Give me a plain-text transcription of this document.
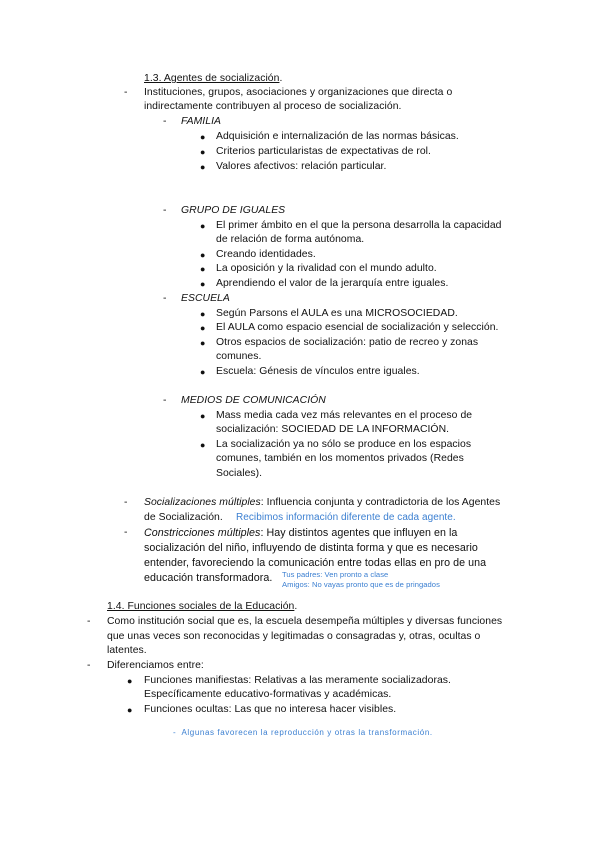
1.3. Agentes de socialización.
- Instituciones, grupos, asociaciones y organizaciones que directa o
indirectamente contribuyen al proceso de socialización.
- FAMILIA
● Adquisición e internalización de las normas básicas.
● Criterios particularistas de expectativas de rol.
● Valores afectivos: relación particular.
- GRUPO DE IGUALES
● El primer ámbito en el que la persona desarrolla la capacidad
de relación de forma autónoma.
● Creando identidades.
● La oposición y la rivalidad con el mundo adulto.
● Aprendiendo el valor de la jerarquía entre iguales.
- ESCUELA
● Según Parsons el AULA es una MICROSOCIEDAD.
● El AULA como espacio esencial de socialización y selección.
● Otros espacios de socialización: patio de recreo y zonas
comunes.
● Escuela: Génesis de vínculos entre iguales.
- MEDIOS DE COMUNICACIÓN
● Mass media cada vez más relevantes en el proceso de
socialización: SOCIEDAD DE LA INFORMACIÓN.
● La socialización ya no sólo se produce en los espacios
comunes, también en los momentos privados (Redes
Sociales).
- Socializaciones múltiples: Influencia conjunta y contradictoria de los Agentes
de Socialización. Recibimos información diferente de cada agente.
- Constricciones múltiples: Hay distintos agentes que influyen en la
socialización del niño, influyendo de distinta forma y que es necesario
entender, favoreciendo la comunicación entre todas ellas en pro de una
educación transformadora. Tus padres: Ven pronto a clase
Amigos: No vayas pronto que es de pringados
1.4. Funciones sociales de la Educación.
- Como institución social que es, la escuela desempeña múltiples y diversas funciones
que unas veces son reconocidas y legitimadas o consagradas y, otras, ocultas o
latentes.
- Diferenciamos entre:
● Funciones manifiestas: Relativas a las meramente socializadoras.
Específicamente educativo-formativas y académicas.
● Funciones ocultas: Las que no interesa hacer visibles.
- Algunas favorecen la reproducción y otras la transformación.
